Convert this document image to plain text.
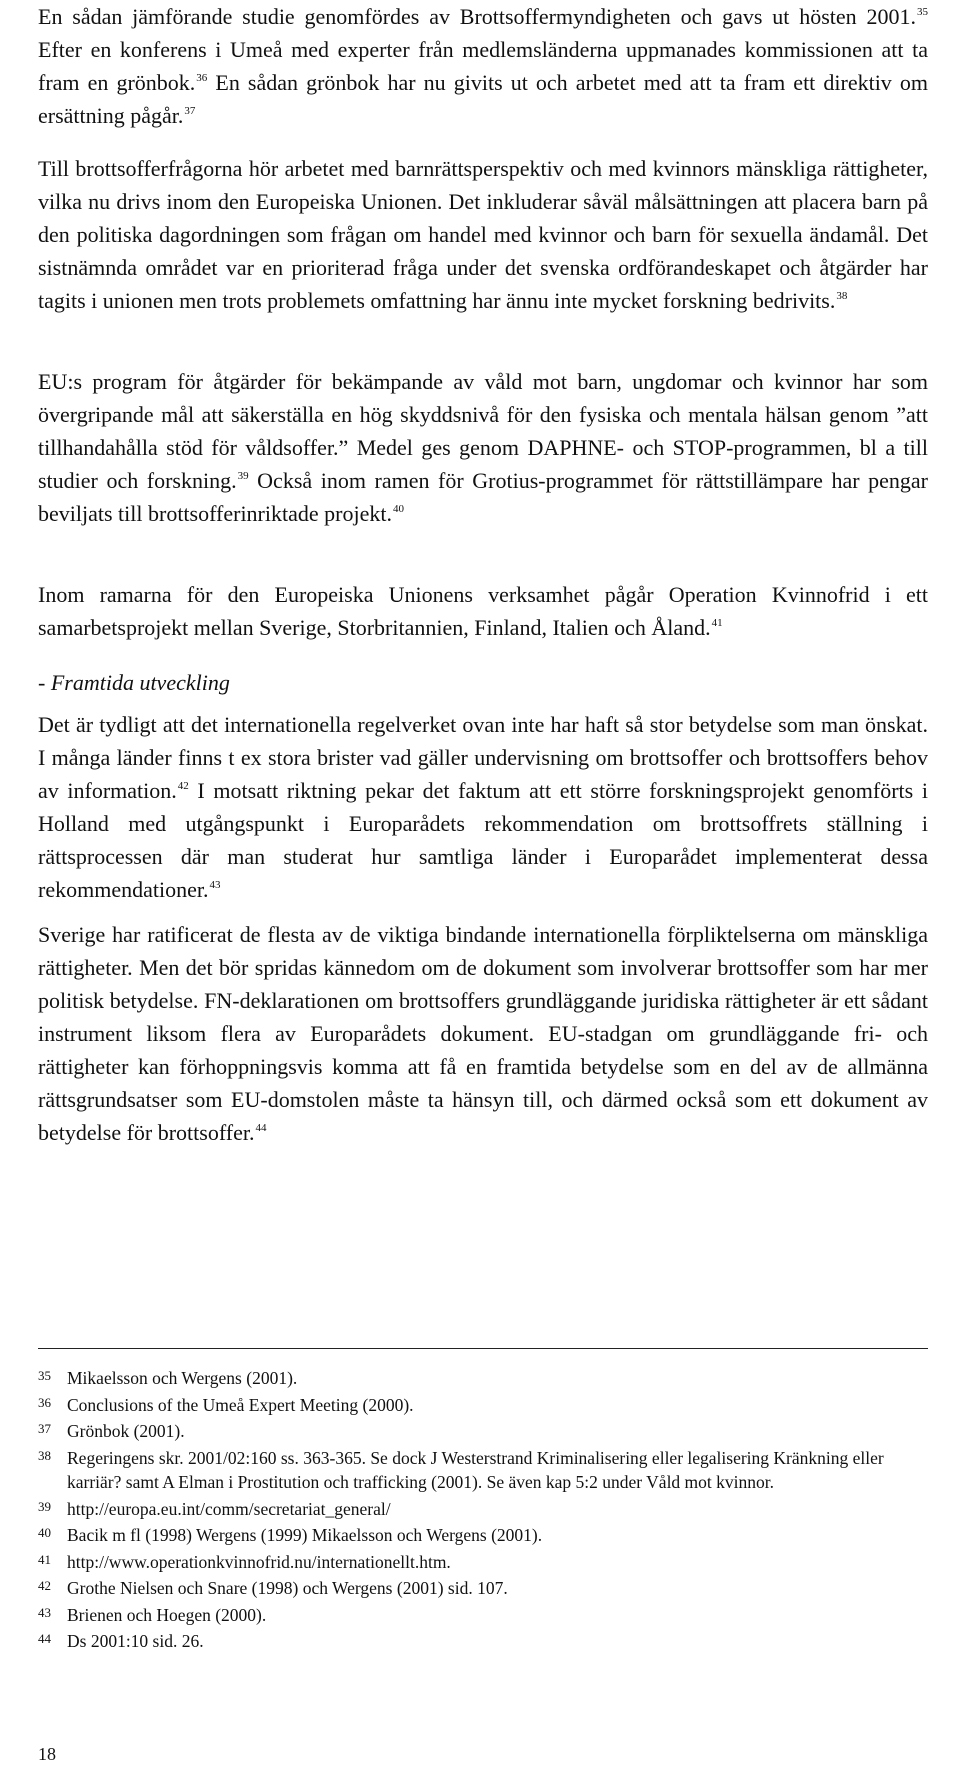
En sådan jämförande studie genomfördes av Brottsoffermyndigheten och gavs ut hösten 2001.35 Efter en konferens i Umeå med experter från medlemsländerna uppmanades kommissionen att ta fram en grönbok.$^{36}$ En sådan grönbok har nu givits ut och arbetet med att ta fram ett direktiv om ersättning pågår.$^{37}$

Till brottsofferfrågorna hör arbetet med barnrättsperspektiv och med kvinnors mänskliga rättigheter, vilka nu drivs inom den Europeiska Unionen. Det inkluderar såväl målsättningen att placera barn på den politiska dagordningen som frågan om handel med kvinnor och barn för sexuella ändamål. Det sistnämnda området var en prioriterad fråga under det svenska ordförandeskapet och åtgärder har tagits i unionen men trots problemets omfattning har ännu inte mycket forskning bedrivits.$^{38}$

EU:s program för åtgärder för bekämpande av våld mot barn, ungdomar och kvinnor har som övergripande mål att säkerställa en hög skyddsnivå för den fysiska och mentala hälsan genom ”att tillhandahålla stöd för våldsoffer.” Medel ges genom DAPHNE- och STOP-programmen, bl a till studier och forskning.$^{39}$ Också inom ramen för Grotius-programmet för rättstillämpare har pengar beviljats till brottsofferinriktade projekt.$^{40}$

Inom ramarna för den Europeiska Unionens verksamhet pågår Operation Kvinnofrid i ett samarbetsprojekt mellan Sverige, Storbritannien, Finland, Italien och Åland.$^{41}$

- Framtida utveckling

Det är tydligt att det internationella regelverket ovan inte har haft så stor betydelse som man önskat. I många länder finns t ex stora brister vad gäller undervisning om brottsoffer och brottsoffers behov av information.$^{42}$ I motsatt riktning pekar det faktum att ett större forskningsprojekt genomförts i Holland med utgångspunkt i Europarådets rekommendation om brottsoffrets ställning i rättsprocessen där man studerat hur samtliga länder i Europarådet implementerat dessa rekommendationer.$^{43}$

Sverige har ratificerat de flesta av de viktiga bindande internationella förpliktelserna om mänskliga rättigheter. Men det bör spridas kännedom om de dokument som involverar brottsoffer som har mer politisk betydelse. FN-deklarationen om brottsoffers grundläggande juridiska rättigheter är ett sådant instrument liksom flera av Europarådets dokument. EU-stadgan om grundläggande fri- och rättigheter kan förhoppningsvis komma att få en framtida betydelse som en del av de allmänna rättsgrundsatser som EU-domstolen måste ta hänsyn till, och därmed också som ett dokument av betydelse för brottsoffer.$^{44}$

35 Mikaelsson och Wergens (2001).
36 Conclusions of the Umeå Expert Meeting (2000).
37 Grönbok (2001).
38 Regeringens skr. 2001/02:160 ss. 363-365. Se dock J Westerstrand Kriminalisering eller legalisering Kränkning eller karriär? samt A Elman i Prostitution och trafficking (2001). Se även kap 5:2 under Våld mot kvinnor.
39 http://europa.eu.int/comm/secretariat_general/
40 Bacik m fl (1998) Wergens (1999) Mikaelsson och Wergens (2001).
41 http://www.operationkvinnofrid.nu/internationellt.htm.
42 Grothe Nielsen och Snare (1998) och Wergens (2001) sid. 107.
43 Brienen och Hoegen (2000).
44 Ds 2001:10 sid. 26.
18
